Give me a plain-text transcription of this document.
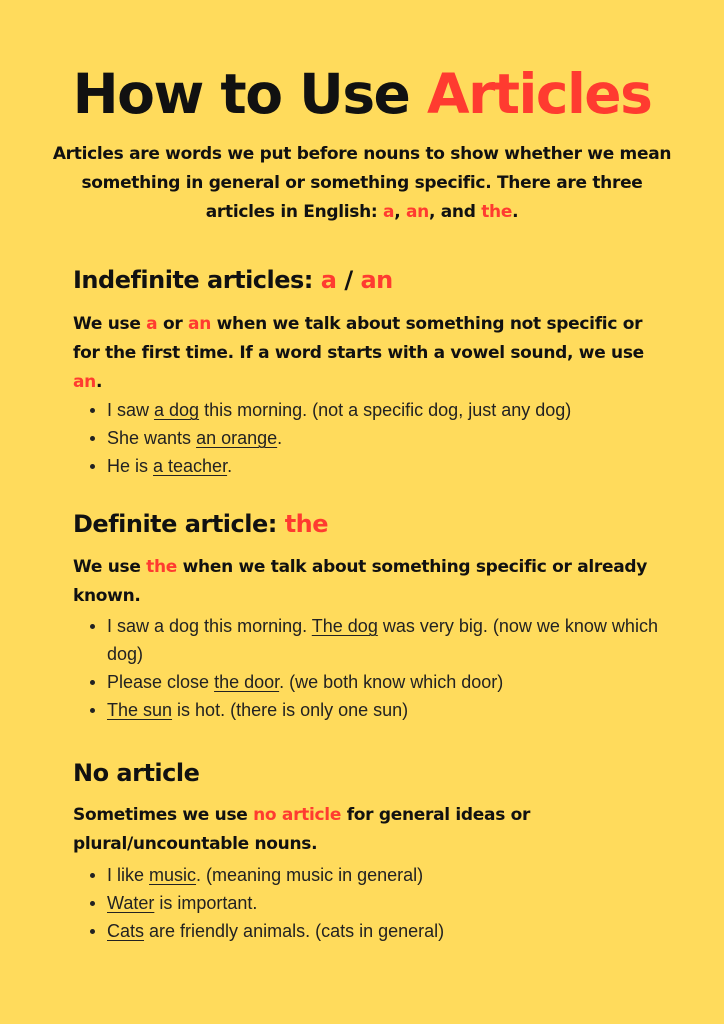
How to Use Articles

Articles are words we put before nouns to show whether we mean something in general or something specific. There are three articles in English: a, an, and the.

Indefinite articles: a / an

We use a or an when we talk about something not specific or for the first time. If a word starts with a vowel sound, we use an.

I saw a dog this morning. (not a specific dog, just any dog)
She wants an orange.
He is a teacher.
Definite article: the

We use the when we talk about something specific or already known.

I saw a dog this morning. The dog was very big. (now we know which dog)
Please close the door. (we both know which door)
The sun is hot. (there is only one sun)
No article

Sometimes we use no article for general ideas or plural/uncountable nouns.

I like music. (meaning music in general)
Water is important.
Cats are friendly animals. (cats in general)
